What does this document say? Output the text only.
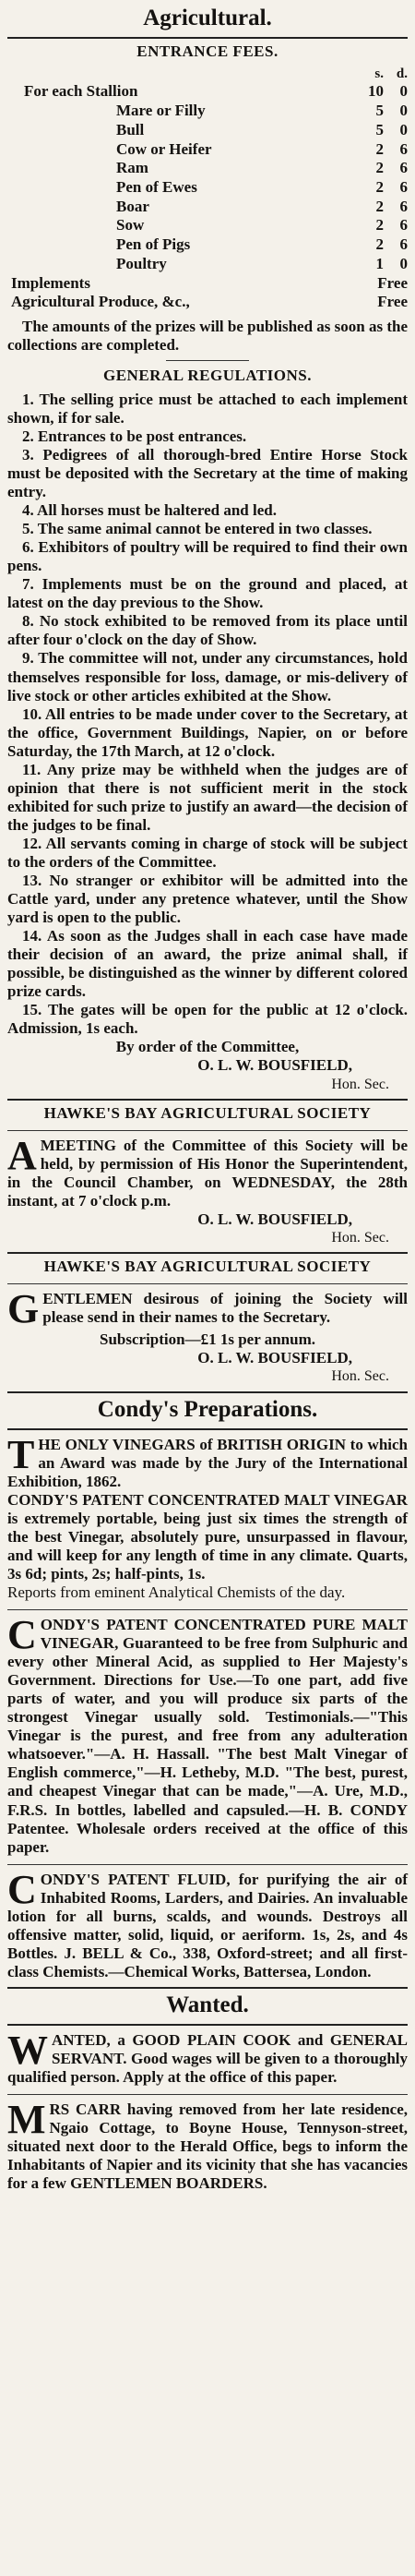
Agricultural.
ENTRANCE FEES.
	s.	d.
For each Stallion	10	0
Mare or Filly	5	0
Bull	5	0
Cow or Heifer	2	6
Ram	2	6
Pen of Ewes	2	6
Boar	2	6
Sow	2	6
Pen of Pigs	2	6
Poultry	1	0
Implements	Free	
Agricultural Produce, &c.,	Free	

The amounts of the prizes will be published as soon as the collections are completed.

GENERAL REGULATIONS.

1. The selling price must be attached to each implement shown, if for sale.

2. Entrances to be post entrances.

3. Pedigrees of all thorough-bred Entire Horse Stock must be deposited with the Secretary at the time of making entry.

4. All horses must be haltered and led.

5. The same animal cannot be entered in two classes.

6. Exhibitors of poultry will be required to find their own pens.

7. Implements must be on the ground and placed, at latest on the day previous to the Show.

8. No stock exhibited to be removed from its place until after four o'clock on the day of Show.

9. The committee will not, under any circumstances, hold themselves responsible for loss, damage, or mis-delivery of live stock or other articles exhibited at the Show.

10. All entries to be made under cover to the Secretary, at the office, Government Buildings, Napier, on or before Saturday, the 17th March, at 12 o'clock.

11. Any prize may be withheld when the judges are of opinion that there is not sufficient merit in the stock exhibited for such prize to justify an award—the decision of the judges to be final.

12. All servants coming in charge of stock will be subject to the orders of the Committee.

13. No stranger or exhibitor will be admitted into the Cattle yard, under any pretence whatever, until the Show yard is open to the public.

14. As soon as the Judges shall in each case have made their decision of an award, the prize animal shall, if possible, be distinguished as the winner by different colored prize cards.

15. The gates will be open for the public at 12 o'clock. Admission, 1s each.

By order of the Committee,

O. L. W. BOUSFIELD,
Hon. Sec.
HAWKE'S BAY AGRICULTURAL SOCIETY
A MEETING of the Committee of this Society will be held, by permission of His Honor the Superintendent, in the Council Chamber, on WEDNESDAY, the 28th instant, at 7 o'clock p.m.

O. L. W. BOUSFIELD,
Hon. Sec.
HAWKE'S BAY AGRICULTURAL SOCIETY
G ENTLEMEN desirous of joining the Society will please send in their names to the Secretary.

Subscription—£1 1s per annum.

O. L. W. BOUSFIELD,
Hon. Sec.
Condy's Preparations.
T HE ONLY VINEGARS of BRITISH ORIGIN to which an Award was made by the Jury of the International Exhibition, 1862.

CONDY'S PATENT CONCENTRATED MALT VINEGAR is extremely portable, being just six times the strength of the best Vinegar, absolutely pure, unsurpassed in flavour, and will keep for any length of time in any climate. Quarts, 3s 6d; pints, 2s; half-pints, 1s.

Reports from eminent Analytical Chemists of the day.

C ONDY'S PATENT CONCENTRATED PURE MALT VINEGAR, Guaranteed to be free from Sulphuric and every other Mineral Acid, as supplied to Her Majesty's Government. Directions for Use.—To one part, add five parts of water, and you will produce six parts of the strongest Vinegar usually sold. Testimonials.—"This Vinegar is the purest, and free from any adulteration whatsoever."—A. H. Hassall. "The best Malt Vinegar of English commerce,"—H. Letheby, M.D. "The best, purest, and cheapest Vinegar that can be made,"—A. Ure, M.D., F.R.S. In bottles, labelled and capsuled.—H. B. CONDY Patentee. Wholesale orders received at the office of this paper.

C ONDY'S PATENT FLUID, for purifying the air of Inhabited Rooms, Larders, and Dairies. An invaluable lotion for all burns, scalds, and wounds. Destroys all offensive matter, solid, liquid, or aeriform. 1s, 2s, and 4s Bottles. J. BELL & Co., 338, Oxford-street; and all first-class Chemists.—Chemical Works, Battersea, London.

Wanted.
W ANTED, a GOOD PLAIN COOK and GENERAL SERVANT. Good wages will be given to a thoroughly qualified person. Apply at the office of this paper.

M RS CARR having removed from her late residence, Ngaio Cottage, to Boyne House, Tennyson-street, situated next door to the Herald Office, begs to inform the Inhabitants of Napier and its vicinity that she has vacancies for a few GENTLEMEN BOARDERS.
